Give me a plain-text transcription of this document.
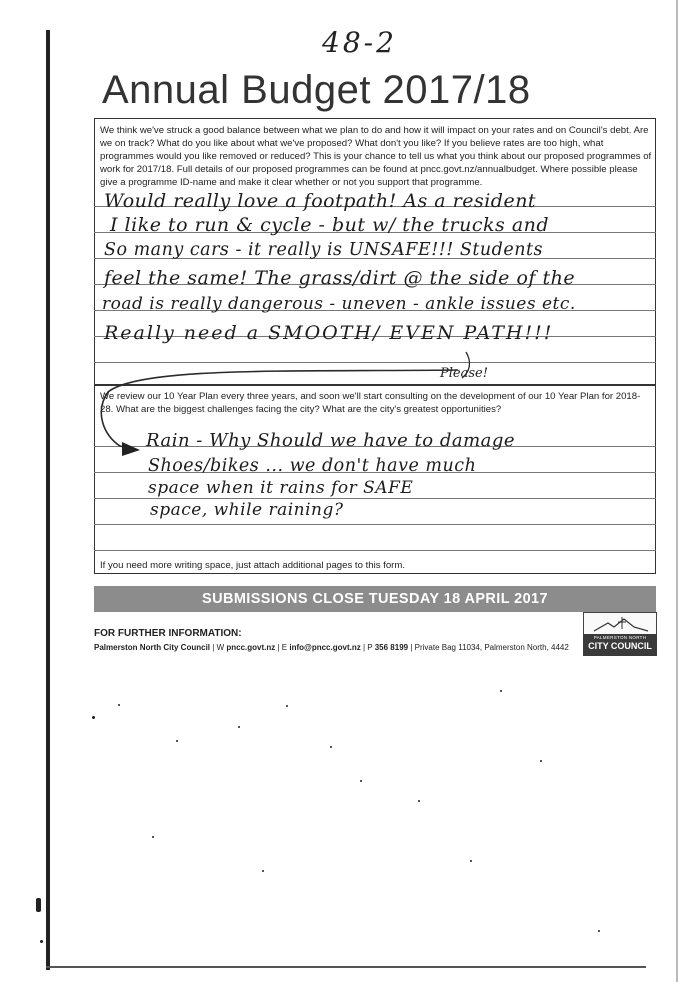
48-2
Annual Budget 2017/18
We think we've struck a good balance between what we plan to do and how it will impact on your rates and on Council's debt. Are we on track? What do you like about what we've proposed? What don't you like? If you believe rates are too high, what programmes would you like removed or reduced? This is your chance to tell us what you think about our proposed programmes of work for 2017/18. Full details of our proposed programmes can be found at pncc.govt.nz/annualbudget. Where possible please give a programme ID-name and make it clear whether or not you support that programme.
Would really love a footpath! As a resident
I like to run & cycle - but w/ the trucks and
So many cars - it really is UNSAFE!!! Students
feel the same! The grass/dirt @ the side of the
road is really dangerous - uneven - ankle issues etc.
Really need a SMOOTH/ EVEN PATH!!!
Please!
We review our 10 Year Plan every three years, and soon we'll start consulting on the development of our 10 Year Plan for 2018-28. What are the biggest challenges facing the city? What are the city's greatest opportunities?
Rain - Why Should we have to damage
Shoes/bikes ... we don't have much
space when it rains for SAFE
space, while raining?
If you need more writing space, just attach additional pages to this form.
SUBMISSIONS CLOSE TUESDAY 18 APRIL 2017
FOR FURTHER INFORMATION:
Palmerston North City Council | W pncc.govt.nz | E info@pncc.govt.nz | P 356 8199 | Private Bag 11034, Palmerston North, 4442
PALMERSTON NORTH
CITY COUNCIL
